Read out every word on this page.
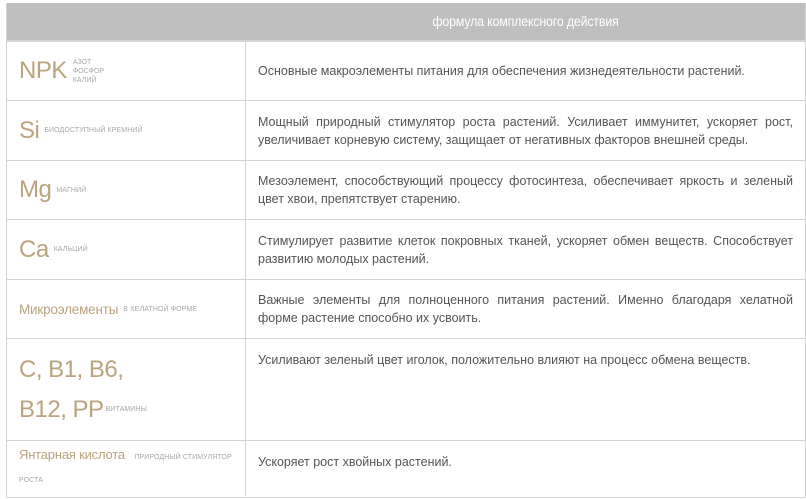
формула комплексного действия
NPK АЗОТ
ФОСФОР
КАЛИЙ
Основные макроэлементы питания для обеспечения жизнедеятельности растений.
Si БИОДОСТУПНЫЙ КРЕМНИЙ
Мощный природный стимулятор роста растений. Усиливает иммунитет, ускоряет рост, увеличивает корневую систему, защищает от негативных факторов внешней среды.
Mg МАГНИЙ
Мезоэлемент, способствующий процессу фотосинтеза, обеспечивает яркость и зеленый цвет хвои, препятствует старению.
Ca КАЛЬЦИЙ
Стимулирует развитие клеток покровных тканей, ускоряет обмен веществ. Способствует развитию молодых растений.
Микроэлементы В ХЕЛАТНОЙ ФОРМЕ
Важные элементы для полноценного питания растений. Именно благодаря хелатной форме растение способно их усвоить.
C, B1, B6,
B12, PP ВИТАМИНЫ
Усиливают зеленый цвет иголок, положительно влияют на процесс обмена веществ.
Янтарная кислота ПРИРОДНЫЙ СТИМУЛЯТОР РОСТА
Ускоряет рост хвойных растений.
